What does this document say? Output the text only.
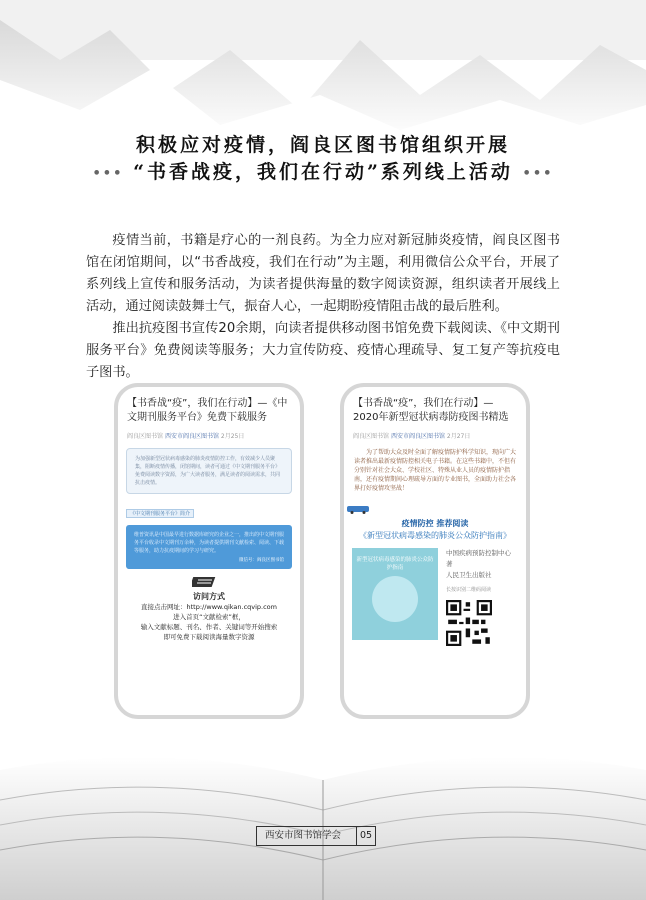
积极应对疫情，阎良区图书馆组织开展
••• “书香战疫，我们在行动”系列线上活动 •••

疫情当前，书籍是疗心的一剂良药。为全力应对新冠肺炎疫情，阎良区图书馆在闭馆期间，以“书香战疫，我们在行动”为主题，利用微信公众平台，开展了系列线上宣传和服务活动，为读者提供海量的数字阅读资源，组织读者开展线上活动，通过阅读鼓舞士气，振奋人心，一起期盼疫情阻击战的最后胜利。

推出抗疫图书宣传20余期，向读者提供移动图书馆免费下载阅读、《中文期刊服务平台》免费阅读等服务；大力宣传防疫、疫情心理疏导、复工复产等抗疫电子图书。

【书香战“疫”，我们在行动】—《中文期刊服务平台》免费下载服务
阎良区图书馆 西安市阎良区图书馆 2月25日
为加强新型冠状病毒感染的肺炎疫情防控工作，有效减少人员聚集，阻断疫情传播，闭馆期间，读者可通过《中文期刊服务平台》免费阅读数字资源，为广大读者服务，满足读者的阅读需求，共同抗击疫情。
《中文期刊服务平台》简介
维普资讯是中国最早进行数据库研究的企业之一，推出的中文期刊服务平台收录中文期刊万余种，为读者提供期刊文献检索、阅读、下载等服务，助力抗疫期间的学习与研究。
微信号：阎良区图书馆
访问方式
直接点击网址：http://www.qikan.cqvip.com
进入首页“文献检索”框，
输入文献标题、刊名、作者、关键词等开始搜索
即可免费下载阅读海量数字资源
【书香战“疫”，我们在行动】—2020年新型冠状病毒防疫图书精选
阎良区图书馆 西安市阎良区图书馆 2月27日
为了帮助大众及时全面了解疫情防护科学知识，现向广大读者推出最新疫情防控相关电子书籍。在这些书籍中，不但有分别针对社会大众、学校社区、特殊从业人员的疫情防护指南，还有疫情期间心理疏导方面的专业图书，全面助力社会各界打好疫情攻坚战！
疫情防控 推荐阅读
《新型冠状病毒感染的肺炎公众防护指南》
新型冠状病毒感染的肺炎公众防护指南
中国疾病预防控制中心 著
人民卫生出版社
长按识别二维码阅读
西安市图书馆学会	05
